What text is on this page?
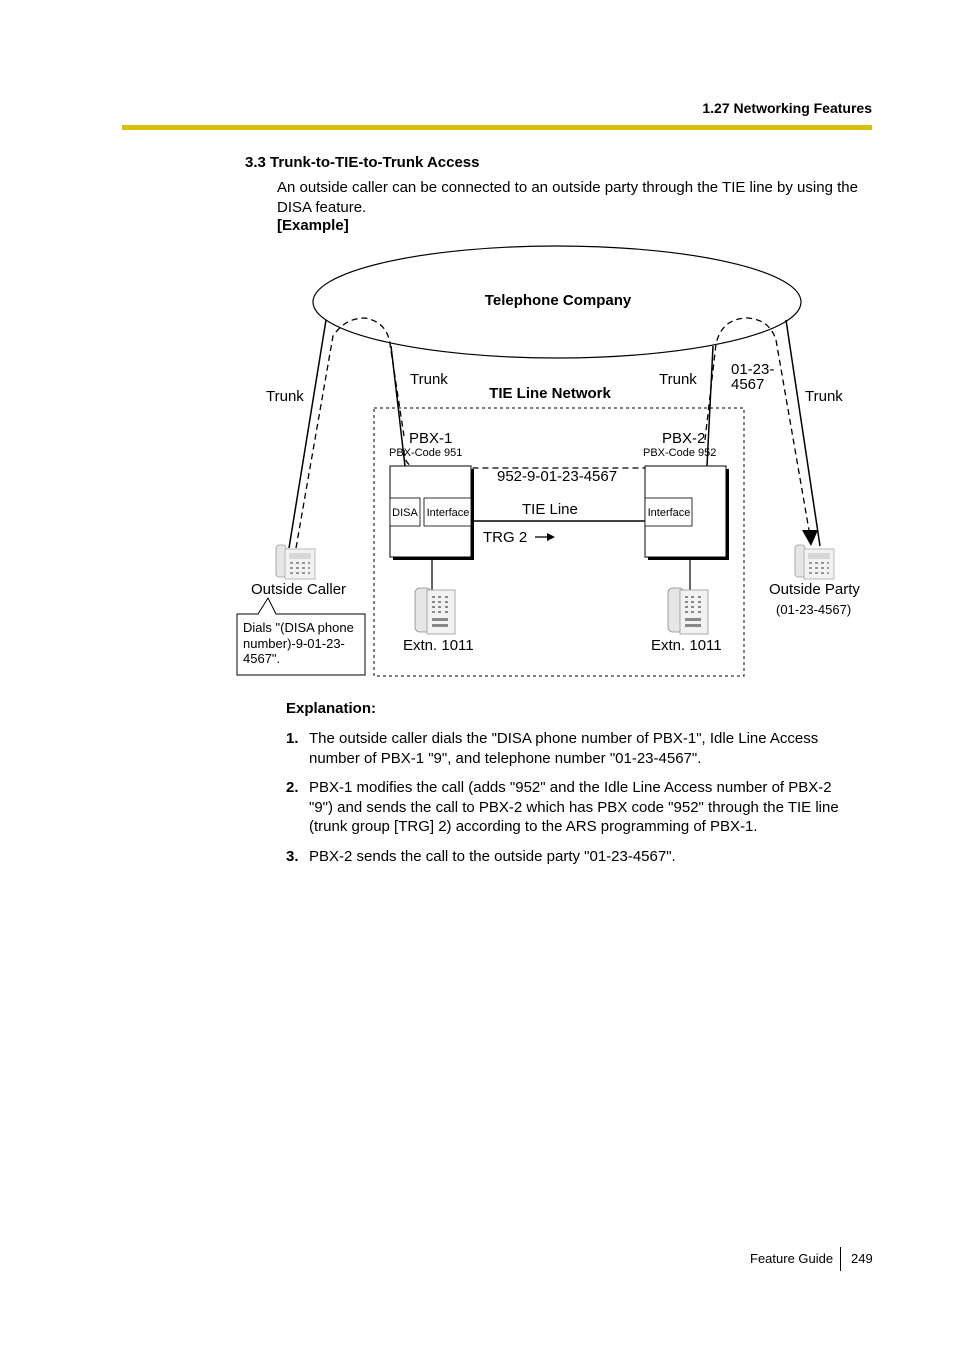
1.27 Networking Features
3.3 Trunk-to-TIE-to-Trunk Access
An outside caller can be connected to an outside party through the TIE line by using the DISA feature.
[Example]
Telephone Company
TIE Line Network
Trunk
Trunk	Trunk
Trunk
01-23-
4567
PBX-1
PBX-Code 951
DISA Interface
PBX-2
PBX-Code 952
Interface
952-9-01-23-4567
TIE Line
TRG 2
Extn. 1011	Extn. 1011
Outside Caller	Outside Party
(01-23-4567)
Dials "(DISA phone
number)-9-01-23-
4567".
Explanation:
1. The outside caller dials the "DISA phone number of PBX-1", Idle Line Access number of PBX-1 "9", and telephone number "01-23-4567".
2. PBX-1 modifies the call (adds "952" and the Idle Line Access number of PBX-2 "9") and sends the call to PBX-2 which has PBX code "952" through the TIE line (trunk group [TRG] 2) according to the ARS programming of PBX-1.
3. PBX-2 sends the call to the outside party "01-23-4567".
Feature Guide 249
